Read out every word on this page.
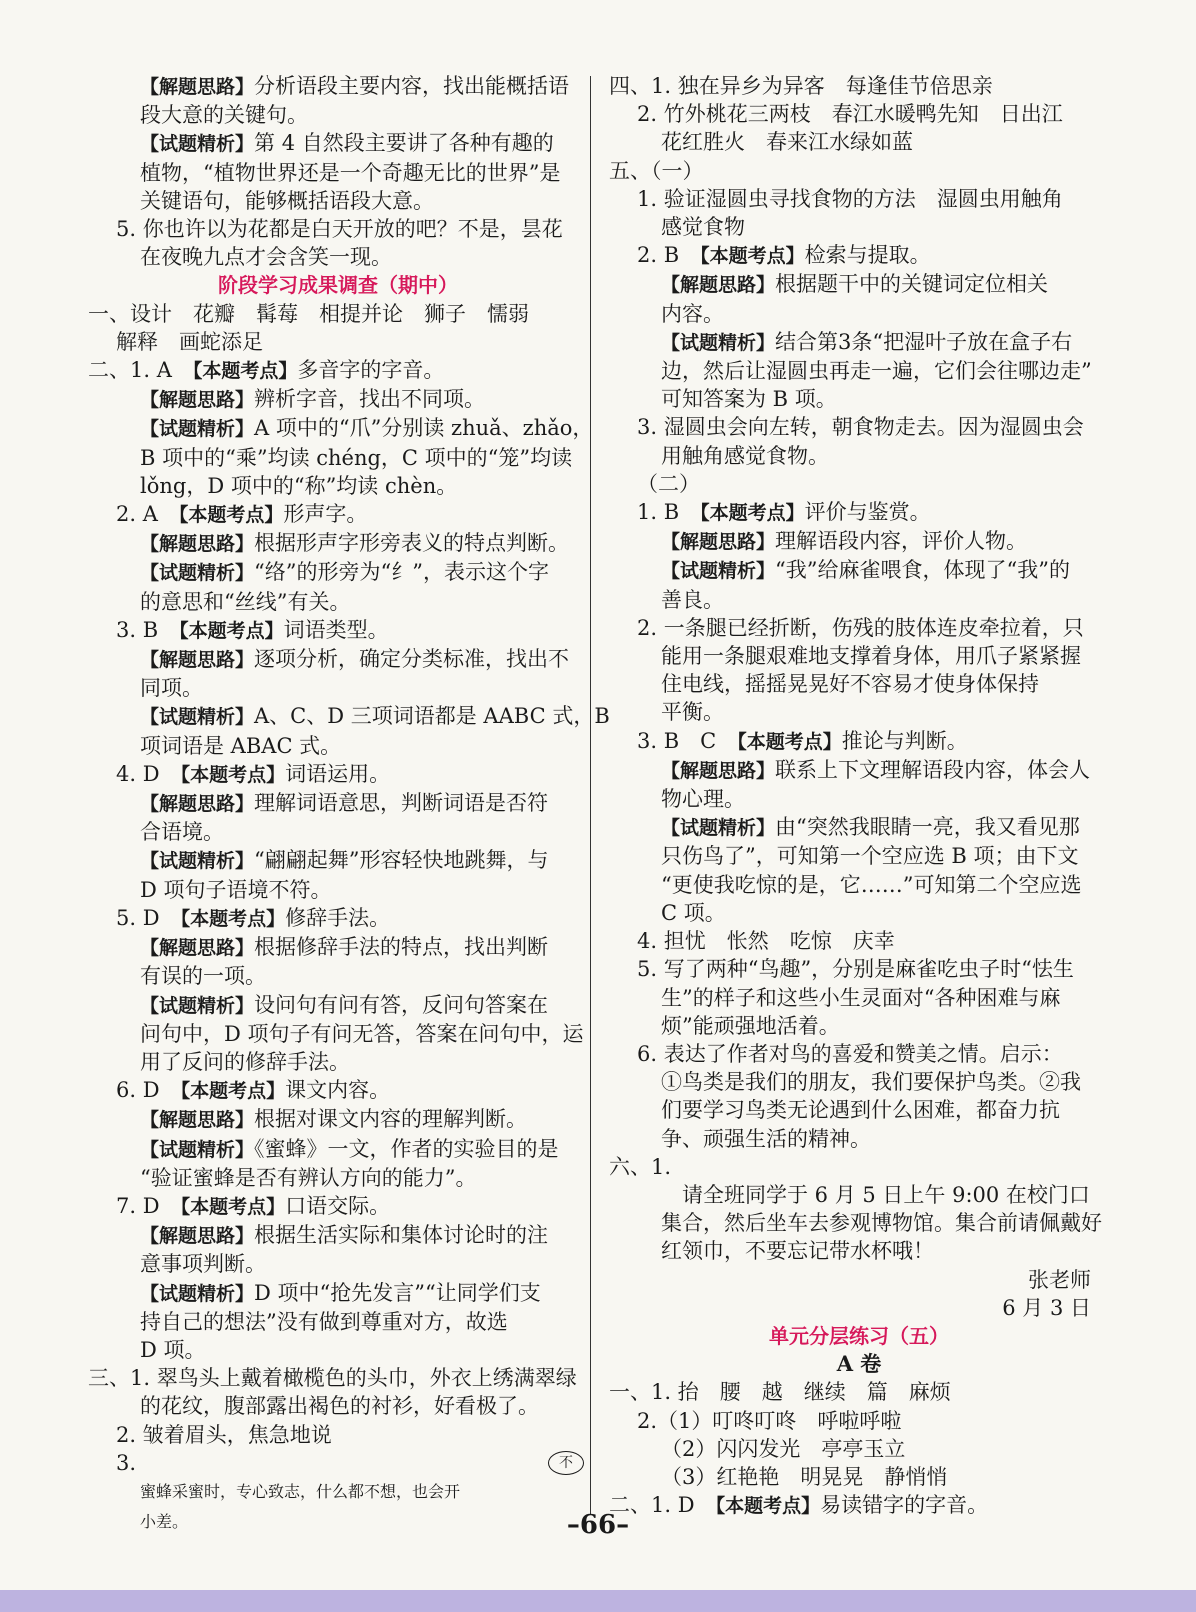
【解题思路】分析语段主要内容，找出能概括语
段大意的关键句。
【试题精析】第 4 自然段主要讲了各种有趣的
植物，“植物世界还是一个奇趣无比的世界”是
关键语句，能够概括语段大意。
5. 你也许以为花都是白天开放的吧？不是，昙花
在夜晚九点才会含笑一现。
阶段学习成果调查（期中）
一、设计　花瓣　髯莓　相提并论　狮子　懦弱
解释　画蛇添足
二、1. A　【本题考点】多音字的字音。
【解题思路】辨析字音，找出不同项。
【试题精析】A 项中的“爪”分别读 zhuǎ、zhǎo，
B 项中的“乘”均读 chéng，C 项中的“笼”均读
lǒng，D 项中的“称”均读 chèn。
2. A　【本题考点】形声字。
【解题思路】根据形声字形旁表义的特点判断。
【试题精析】“络”的形旁为“纟”，表示这个字
的意思和“丝线”有关。
3. B　【本题考点】词语类型。
【解题思路】逐项分析，确定分类标准，找出不
同项。
【试题精析】A、C、D 三项词语都是 AABC 式，B
项词语是 ABAC 式。
4. D　【本题考点】词语运用。
【解题思路】理解词语意思，判断词语是否符
合语境。
【试题精析】“翩翩起舞”形容轻快地跳舞，与
D 项句子语境不符。
5. D　【本题考点】修辞手法。
【解题思路】根据修辞手法的特点，找出判断
有误的一项。
【试题精析】设问句有问有答，反问句答案在
问句中，D 项句子有问无答，答案在问句中，运
用了反问的修辞手法。
6. D　【本题考点】课文内容。
【解题思路】根据对课文内容的理解判断。
【试题精析】《蜜蜂》一文，作者的实验目的是
“验证蜜蜂是否有辨认方向的能力”。
7. D　【本题考点】口语交际。
【解题思路】根据生活实际和集体讨论时的注
意事项判断。
【试题精析】D 项中“抢先发言”“让同学们支
持自己的想法”没有做到尊重对方，故选
D 项。
三、1. 翠鸟头上戴着橄榄色的头巾，外衣上绣满翠绿
的花纹，腹部露出褐色的衬衫，好看极了。
2. 皱着眉头，焦急地说
3.	不
蜜蜂采蜜时，专心致志，什么都不想，也会开
小差。
四、1. 独在异乡为异客　每逢佳节倍思亲
2. 竹外桃花三两枝　春江水暖鸭先知　日出江
花红胜火　春来江水绿如蓝
五、（一）
1. 验证湿圆虫寻找食物的方法　湿圆虫用触角
感觉食物
2. B　【本题考点】检索与提取。
【解题思路】根据题干中的关键词定位相关
内容。
【试题精析】结合第3条“把湿叶子放在盒子右
边，然后让湿圆虫再走一遍，它们会往哪边走”
可知答案为 B 项。
3. 湿圆虫会向左转，朝食物走去。因为湿圆虫会
用触角感觉食物。
（二）
1. B　【本题考点】评价与鉴赏。
【解题思路】理解语段内容，评价人物。
【试题精析】“我”给麻雀喂食，体现了“我”的
善良。
2. 一条腿已经折断，伤残的肢体连皮牵拉着，只
能用一条腿艰难地支撑着身体，用爪子紧紧握
住电线，摇摇晃晃好不容易才使身体保持
平衡。
3. B　C　【本题考点】推论与判断。
【解题思路】联系上下文理解语段内容，体会人
物心理。
【试题精析】由“突然我眼睛一亮，我又看见那
只伤鸟了”，可知第一个空应选 B 项；由下文
“更使我吃惊的是，它……”可知第二个空应选
C 项。
4. 担忧　怅然　吃惊　庆幸
5. 写了两种“鸟趣”，分别是麻雀吃虫子时“怯生
生”的样子和这些小生灵面对“各种困难与麻
烦”能顽强地活着。
6. 表达了作者对鸟的喜爱和赞美之情。启示：
①鸟类是我们的朋友，我们要保护鸟类。②我
们要学习鸟类无论遇到什么困难，都奋力抗
争、顽强生活的精神。
六、1.
　请全班同学于 6 月 5 日上午 9:00 在校门口
集合，然后坐车去参观博物馆。集合前请佩戴好
红领巾，不要忘记带水杯哦！
张老师
6 月 3 日
单元分层练习（五）
A 卷
一、1. 抬　腰　越　继续　篇　麻烦
2.（1）叮咚叮咚　呼啦呼啦
（2）闪闪发光　亭亭玉立
（3）红艳艳　明晃晃　静悄悄
二、1. D　【本题考点】易读错字的字音。
–66–
